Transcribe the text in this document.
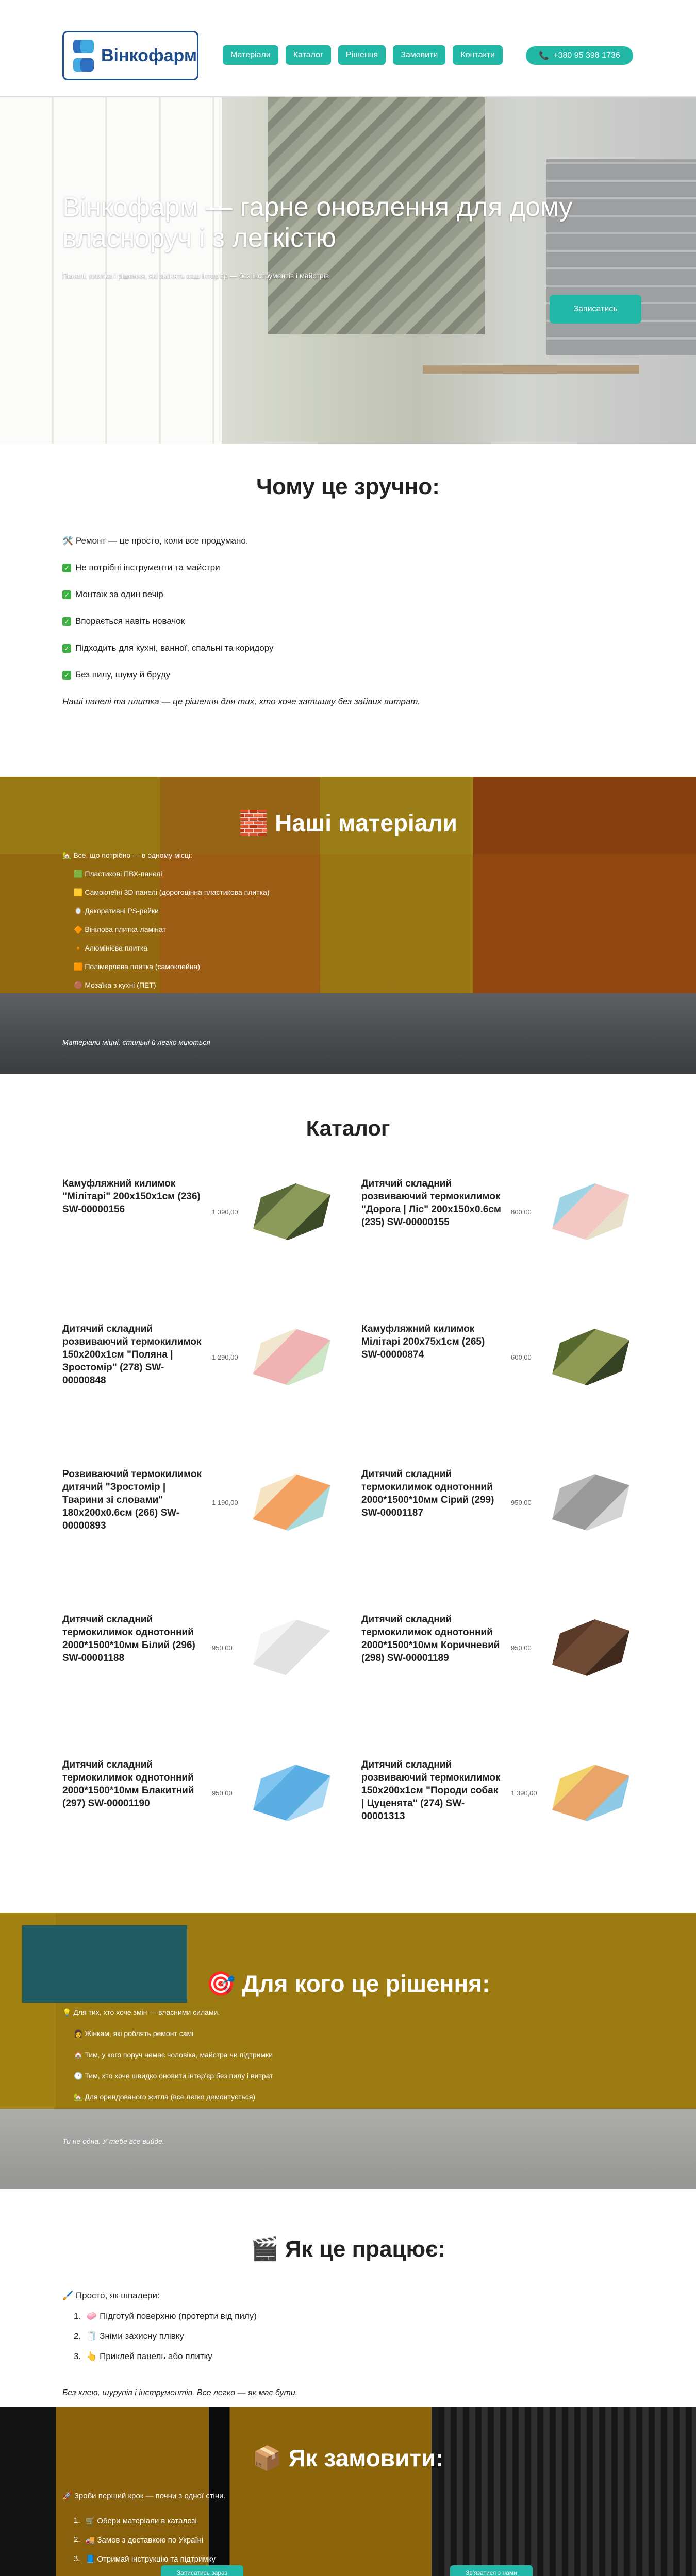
Вінкофарм	Матеріали	Каталог	Рішення	Замовити	Контакти	📞 +380 95 398 1736
Вінкофарм — гарне оновлення для дому власноруч і з легкістю
Панелі, плитка і рішення, які змінять ваш інтер'єр — без інструментів і майстрів
Записатись
Чому це зручно:
🛠️ Ремонт — це просто, коли все продумано.
✓ Не потрібні інструменти та майстри
✓ Монтаж за один вечір
✓ Впорається навіть новачок
✓ Підходить для кухні, ванної, спальні та коридору
✓ Без пилу, шуму й бруду
Наші панелі та плитка — це рішення для тих, хто хоче затишку без зайвих витрат.
🧱 Наші матеріали
🏡 Все, що потрібно — в одному місці:
🟩 Пластикові ПВХ-панелі
🟨 Самоклеїні 3D-панелі (дорогоцінна пластикова плитка)
🪞 Декоративні PS-рейки
🔶 Вінілова плитка-ламінат
🔸 Алюмінієва плитка
🟧 Полімерлева плитка (самоклейна)
🟤 Мозаїка з кухні (ПЕТ)
Матеріали міцні, стильні й легко миються
Каталог
Камуфляжний килимок "Мілітарі" 200х150х1см (236) SW-00000156	1 390,00
Дитячий складний розвиваючий термокилимок "Дорога | Ліс" 200х150х0.6см (235) SW-00000155
800,00
Дитячий складний розвиваючий термокилимок 150х200х1см "Поляна | Зростомір" (278) SW-00000848
1 290,00
Камуфляжний килимок Мілітарі 200х75х1см (265) SW-00000874	600,00
Розвиваючий термокилимок дитячий "Зростомір | Тварини зі словами" 180х200х0.6см (266) SW-00000893
1 190,00
Дитячий складний термокилимок однотонний 2000*1500*10мм Сірий (299) SW-00001187
950,00
Дитячий складний термокилимок однотонний 2000*1500*10мм Білий (296) SW-00001188
950,00
Дитячий складний термокилимок однотонний 2000*1500*10мм Коричневий (298) SW-00001189
950,00
Дитячий складний термокилимок однотонний 2000*1500*10мм Блакитний (297) SW-00001190
950,00
Дитячий складний розвиваючий термокилимок 150х200х1см "Породи собак | Цуценята" (274) SW-00001313
1 390,00
🎯 Для кого це рішення:
💡 Для тих, хто хоче змін — власними силами.
👩 Жінкам, які роблять ремонт самі
🏠 Тим, у кого поруч немає чоловіка, майстра чи підтримки
🕐 Тим, хто хоче швидко оновити інтер'єр без пилу і витрат
🏡 Для орендованого житла (все легко демонтується)
Ти не одна. У тебе все вийде.
🎬 Як це працює:
🖌️ Просто, як шпалери:
1. 🧼 Підготуй поверхню (протерти від пилу)
2. 🧻 Зніми захисну плівку
3. 👆 Приклей панель або плитку
Без клею, шурупів і інструментів. Все легко — як має бути.
📦 Як замовити:
🚀 Зроби перший крок — почни з одної стіни.
1. 🛒 Обери матеріали в каталозі
2. 🚚 Замов з доставкою по Україні
3. 📘 Отримай інструкцію та підтримку
Записатись зараз	Зв'язатися з нами
